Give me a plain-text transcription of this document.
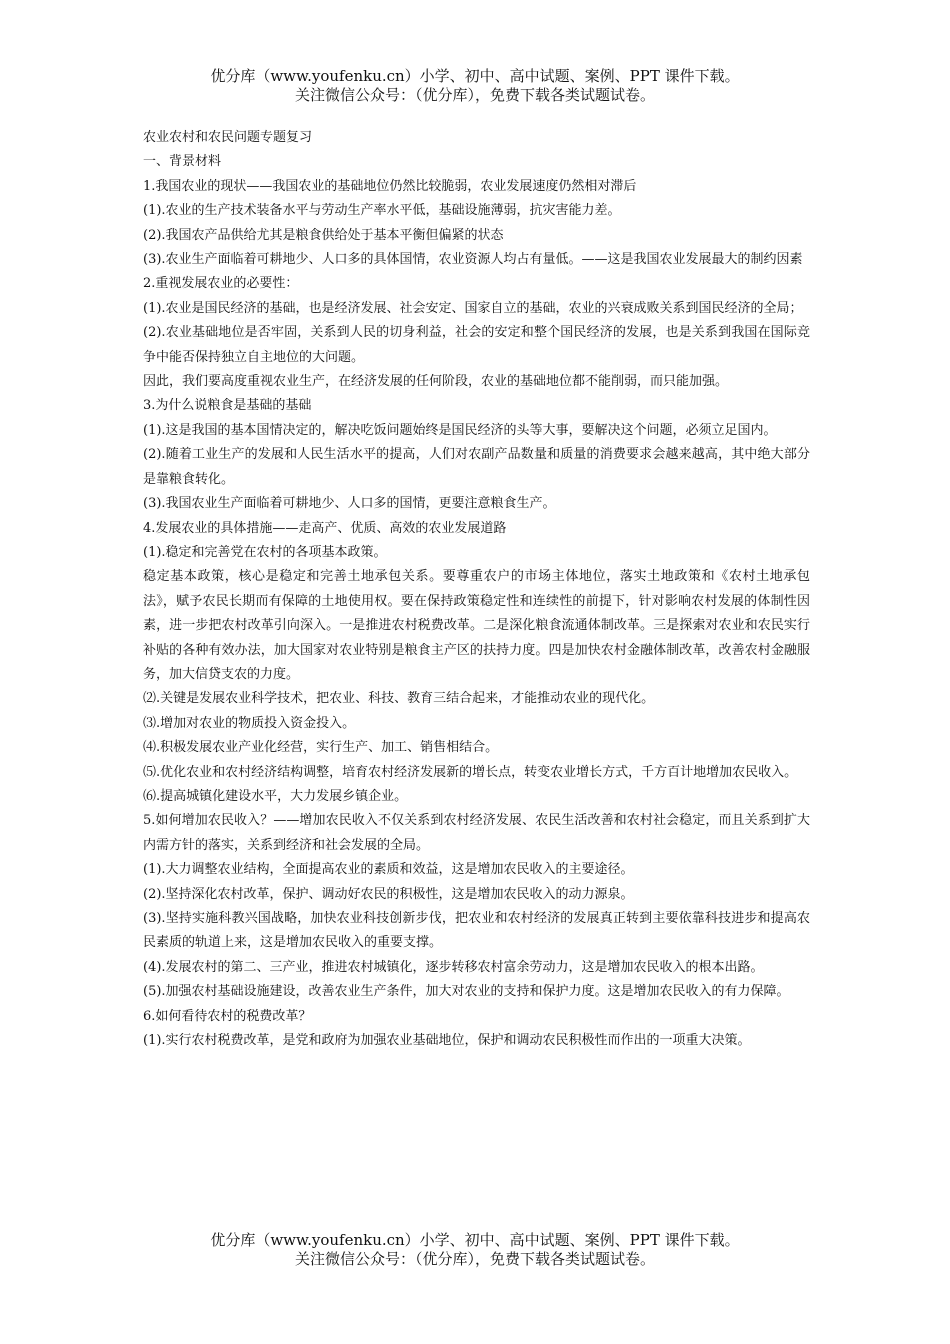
优分库（www.youfenku.cn）小学、初中、高中试题、案例、PPT 课件下载。
关注微信公众号：（优分库），免费下载各类试题试卷。

农业农村和农民问题专题复习

一、背景材料

1.我国农业的现状——我国农业的基础地位仍然比较脆弱，农业发展速度仍然相对滞后

(1).农业的生产技术装备水平与劳动生产率水平低，基础设施薄弱，抗灾害能力差。

(2).我国农产品供给尤其是粮食供给处于基本平衡但偏紧的状态

(3).农业生产面临着可耕地少、人口多的具体国情，农业资源人均占有量低。——这是我国农业发展最大的制约因素

2.重视发展农业的必要性：

(1).农业是国民经济的基础，也是经济发展、社会安定、国家自立的基础，农业的兴衰成败关系到国民经济的全局；

(2).农业基础地位是否牢固，关系到人民的切身利益，社会的安定和整个国民经济的发展，也是关系到我国在国际竞争中能否保持独立自主地位的大问题。

因此，我们要高度重视农业生产，在经济发展的任何阶段，农业的基础地位都不能削弱，而只能加强。

3.为什么说粮食是基础的基础

(1).这是我国的基本国情决定的，解决吃饭问题始终是国民经济的头等大事，要解决这个问题，必须立足国内。

(2).随着工业生产的发展和人民生活水平的提高，人们对农副产品数量和质量的消费要求会越来越高，其中绝大部分是靠粮食转化。

(3).我国农业生产面临着可耕地少、人口多的国情，更要注意粮食生产。

4.发展农业的具体措施——走高产、优质、高效的农业发展道路

(1).稳定和完善党在农村的各项基本政策。

稳定基本政策，核心是稳定和完善土地承包关系。要尊重农户的市场主体地位，落实土地政策和《农村土地承包法》，赋予农民长期而有保障的土地使用权。要在保持政策稳定性和连续性的前提下，针对影响农村发展的体制性因素，进一步把农村改革引向深入。一是推进农村税费改革。二是深化粮食流通体制改革。三是探索对农业和农民实行补贴的各种有效办法，加大国家对农业特别是粮食主产区的扶持力度。四是加快农村金融体制改革，改善农村金融服务，加大信贷支农的力度。

⑵.关键是发展农业科学技术，把农业、科技、教育三结合起来，才能推动农业的现代化。

⑶.增加对农业的物质投入资金投入。

⑷.积极发展农业产业化经营，实行生产、加工、销售相结合。

⑸.优化农业和农村经济结构调整，培育农村经济发展新的增长点，转变农业增长方式，千方百计地增加农民收入。

⑹.提高城镇化建设水平，大力发展乡镇企业。

5.如何增加农民收入？——增加农民收入不仅关系到农村经济发展、农民生活改善和农村社会稳定，而且关系到扩大内需方针的落实，关系到经济和社会发展的全局。

(1).大力调整农业结构，全面提高农业的素质和效益，这是增加农民收入的主要途径。

(2).坚持深化农村改革，保护、调动好农民的积极性，这是增加农民收入的动力源泉。

(3).坚持实施科教兴国战略，加快农业科技创新步伐，把农业和农村经济的发展真正转到主要依靠科技进步和提高农民素质的轨道上来，这是增加农民收入的重要支撑。

(4).发展农村的第二、三产业，推进农村城镇化，逐步转移农村富余劳动力，这是增加农民收入的根本出路。

(5).加强农村基础设施建设，改善农业生产条件，加大对农业的支持和保护力度。这是增加农民收入的有力保障。

6.如何看待农村的税费改革？

(1).实行农村税费改革，是党和政府为加强农业基础地位，保护和调动农民积极性而作出的一项重大决策。

优分库（www.youfenku.cn）小学、初中、高中试题、案例、PPT 课件下载。
关注微信公众号：（优分库），免费下载各类试题试卷。
